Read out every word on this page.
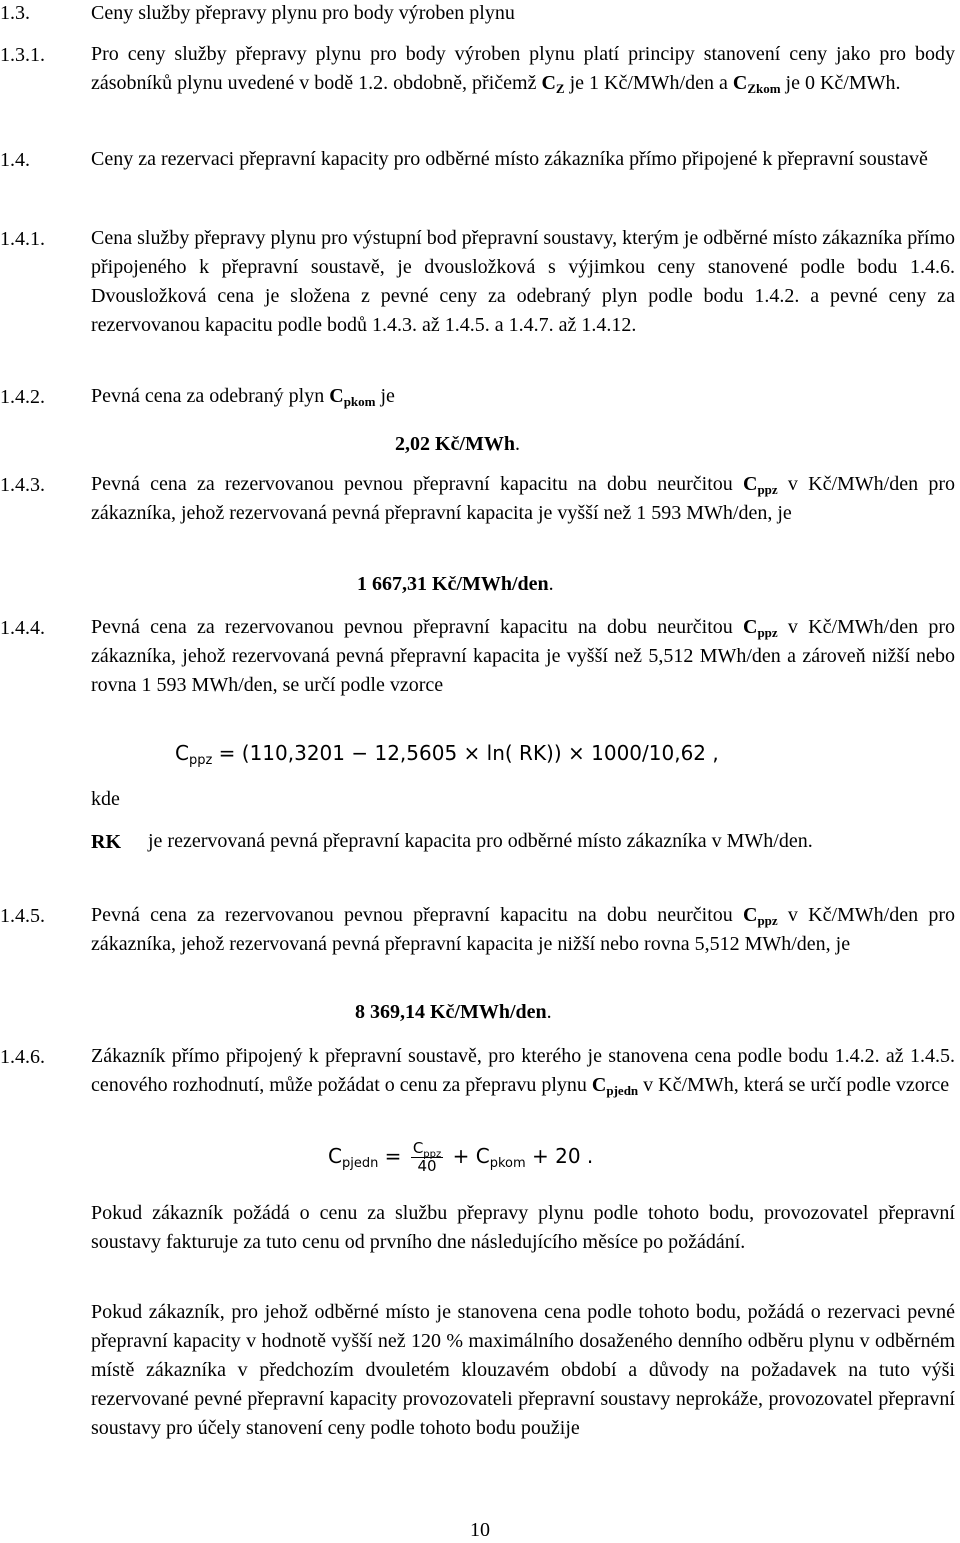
1.3.	Ceny služby přepravy plynu pro body výroben plynu
1.3.1. Pro ceny služby přepravy plynu pro body výroben plynu platí principy stanovení ceny jako pro body zásobníků plynu uvedené v bodě 1.2. obdobně, přičemž $C_Z$ je 1 Kč/MWh/den a $C_{Zkom}$ je 0 Kč/MWh.
1.4.	Ceny za rezervaci přepravní kapacity pro odběrné místo zákazníka přímo připojené k přepravní soustavě
1.4.1. Cena služby přepravy plynu pro výstupní bod přepravní soustavy, kterým je odběrné místo zákazníka přímo připojeného k přepravní soustavě, je dvousložková s výjimkou ceny stanovené podle bodu 1.4.6. Dvousložková cena je složena z pevné ceny za odebraný plyn podle bodu 1.4.2. a pevné ceny za rezervovanou kapacitu podle bodů 1.4.3. až 1.4.5. a 1.4.7. až 1.4.12.
1.4.2. Pevná cena za odebraný plyn $C_{pkom}$ je
2,02 Kč/MWh.
1.4.3. Pevná cena za rezervovanou pevnou přepravní kapacitu na dobu neurčitou $C_{ppz}$ v Kč/MWh/den pro zákazníka, jehož rezervovaná pevná přepravní kapacita je vyšší než 1 593 MWh/den, je
1 667,31 Kč/MWh/den.
1.4.4. Pevná cena za rezervovanou pevnou přepravní kapacitu na dobu neurčitou $C_{ppz}$ v Kč/MWh/den pro zákazníka, jehož rezervovaná pevná přepravní kapacita je vyšší než 5,512 MWh/den a zároveň nižší nebo rovna 1 593 MWh/den, se určí podle vzorce
$C_{ppz} = (110,3201 - 12,5605 \times \ln$( RK)) × 1000/10,62 ,
kde
RK je rezervovaná pevná přepravní kapacita pro odběrné místo zákazníka v MWh/den.
1.4.5. Pevná cena za rezervovanou pevnou přepravní kapacitu na dobu neurčitou $C_{ppz}$ v Kč/MWh/den pro zákazníka, jehož rezervovaná pevná přepravní kapacita je nižší nebo rovna 5,512 MWh/den, je
8 369,14 Kč/MWh/den.
1.4.6. Zákazník přímo připojený k přepravní soustavě, pro kterého je stanovena cena podle bodu 1.4.2. až 1.4.5. cenového rozhodnutí, může požádat o cenu za přepravu plynu $C_{pjedn}$ v Kč/MWh, která se určí podle vzorce
$C_{pjedn} = \frac{C_{ppz}}{40} + C_{pkom} + 20$ .
Pokud zákazník požádá o cenu za službu přepravy plynu podle tohoto bodu, provozovatel přepravní soustavy fakturuje za tuto cenu od prvního dne následujícího měsíce po požádání.
Pokud zákazník, pro jehož odběrné místo je stanovena cena podle tohoto bodu, požádá o rezervaci pevné přepravní kapacity v hodnotě vyšší než 120 % maximálního dosaženého denního odběru plynu v odběrném místě zákazníka v předchozím dvouletém klouzavém období a důvody na požadavek na tuto výši rezervované pevné přepravní kapacity provozovateli přepravní soustavy neprokáže, provozovatel přepravní soustavy pro účely stanovení ceny podle tohoto bodu použije
10
